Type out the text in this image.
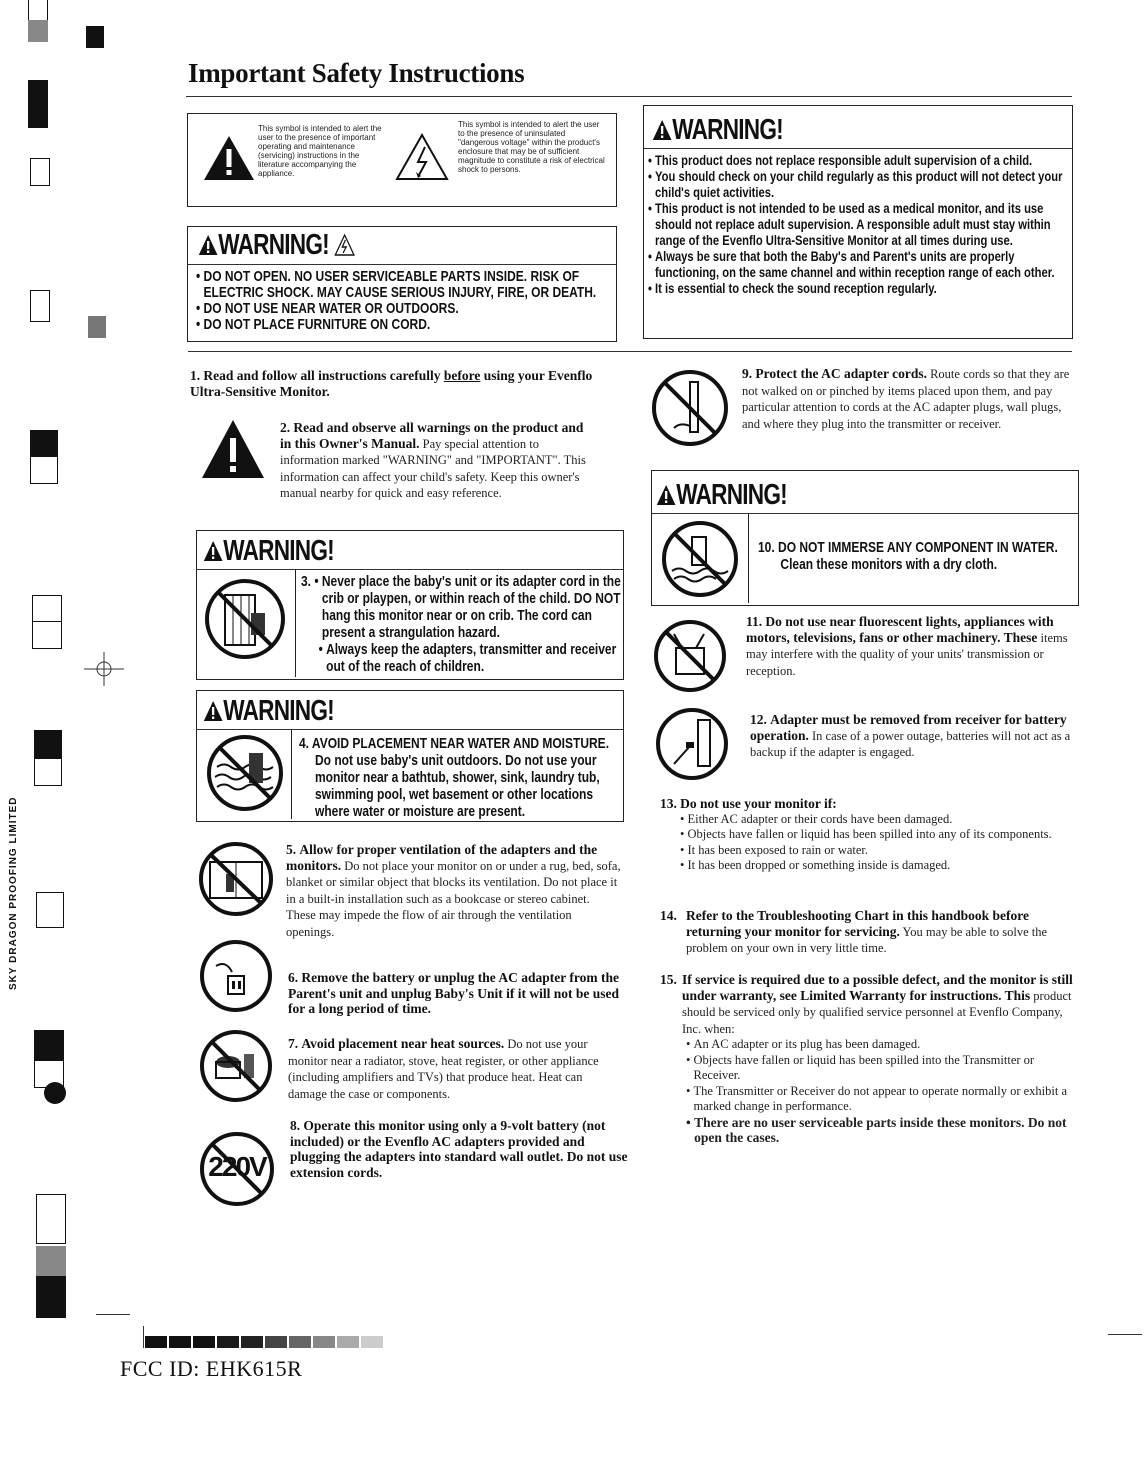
SKY DRAGON PROOFING LIMITED
Important Safety Instructions
This symbol is intended to alert the user to the presence of important operating and maintenance (servicing) instructions in the literature accompanying the appliance.
This symbol is intended to alert the user to the presence of uninsulated "dangerous voltage" within the product's enclosure that may be of sufficient magnitude to constitute a risk of electrical shock to persons.
WARNING!
• DO NOT OPEN. NO USER SERVICEABLE PARTS INSIDE. RISK OF ELECTRIC SHOCK. MAY CAUSE SERIOUS INJURY, FIRE, OR DEATH.
• DO NOT USE NEAR WATER OR OUTDOORS.
• DO NOT PLACE FURNITURE ON CORD.
WARNING!
• This product does not replace responsible adult supervision of a child.
• You should check on your child regularly as this product will not detect your child's quiet activities.
• This product is not intended to be used as a medical monitor, and its use should not replace adult supervision. A responsible adult must stay within range of the Evenflo Ultra-Sensitive Monitor at all times during use.
• Always be sure that both the Baby's and Parent's units are properly functioning, on the same channel and within reception range of each other.
• It is essential to check the sound reception regularly.
1. Read and follow all instructions carefully before using your Evenflo Ultra-Sensitive Monitor.
2. Read and observe all warnings on the product and in this Owner's Manual. Pay special attention to information marked "WARNING" and "IMPORTANT". This information can affect your child's safety. Keep this owner's manual nearby for quick and easy reference.
WARNING!
3. • Never place the baby's unit or its adapter cord in the crib or playpen, or within reach of the child. DO NOT hang this monitor near or on crib. The cord can present a strangulation hazard.
• Always keep the adapters, transmitter and receiver out of the reach of children.
WARNING!
4. AVOID PLACEMENT NEAR WATER AND MOISTURE.
Do not use baby's unit outdoors. Do not use your monitor near a bathtub, shower, sink, laundry tub, swimming pool, wet basement or other locations where water or moisture are present.
5. Allow for proper ventilation of the adapters and the monitors. Do not place your monitor on or under a rug, bed, sofa, blanket or similar object that blocks its ventilation. Do not place it in a built-in installation such as a bookcase or stereo cabinet. These may impede the flow of air through the ventilation openings.
6. Remove the battery or unplug the AC adapter from the Parent's unit and unplug Baby's Unit if it will not be used for a long period of time.
7. Avoid placement near heat sources. Do not use your monitor near a radiator, stove, heat register, or other appliance (including amplifiers and TVs) that produce heat. Heat can damage the case or components.
220V
8. Operate this monitor using only a 9-volt battery (not included) or the Evenflo AC adapters provided and plugging the adapters into standard wall outlet. Do not use extension cords.
9. Protect the AC adapter cords. Route cords so that they are not walked on or pinched by items placed upon them, and pay particular attention to cords at the AC adapter plugs, wall plugs, and where they plug into the transmitter or receiver.
WARNING!
10. DO NOT IMMERSE ANY COMPONENT IN WATER.
Clean these monitors with a dry cloth.
11. Do not use near fluorescent lights, appliances with motors, televisions, fans or other machinery. These items may interfere with the quality of your units' transmission or reception.
12. Adapter must be removed from receiver for battery operation. In case of a power outage, batteries will not act as a backup if the adapter is engaged.
13. Do not use your monitor if:
• Either AC adapter or their cords have been damaged.
• Objects have fallen or liquid has been spilled into any of its components.
• It has been exposed to rain or water.
• It has been dropped or something inside is damaged.
14. Refer to the Troubleshooting Chart in this handbook before returning your monitor for servicing. You may be able to solve the problem on your own in very little time.
15. If service is required due to a possible defect, and the monitor is still under warranty, see Limited Warranty for instructions. This product should be serviced only by qualified service personnel at Evenflo Company, Inc. when:
• An AC adapter or its plug has been damaged.
• Objects have fallen or liquid has been spilled into the Transmitter or Receiver.
• The Transmitter or Receiver do not appear to operate normally or exhibit a marked change in performance.
• There are no user serviceable parts inside these monitors. Do not open the cases.
FCC ID: EHK615R
